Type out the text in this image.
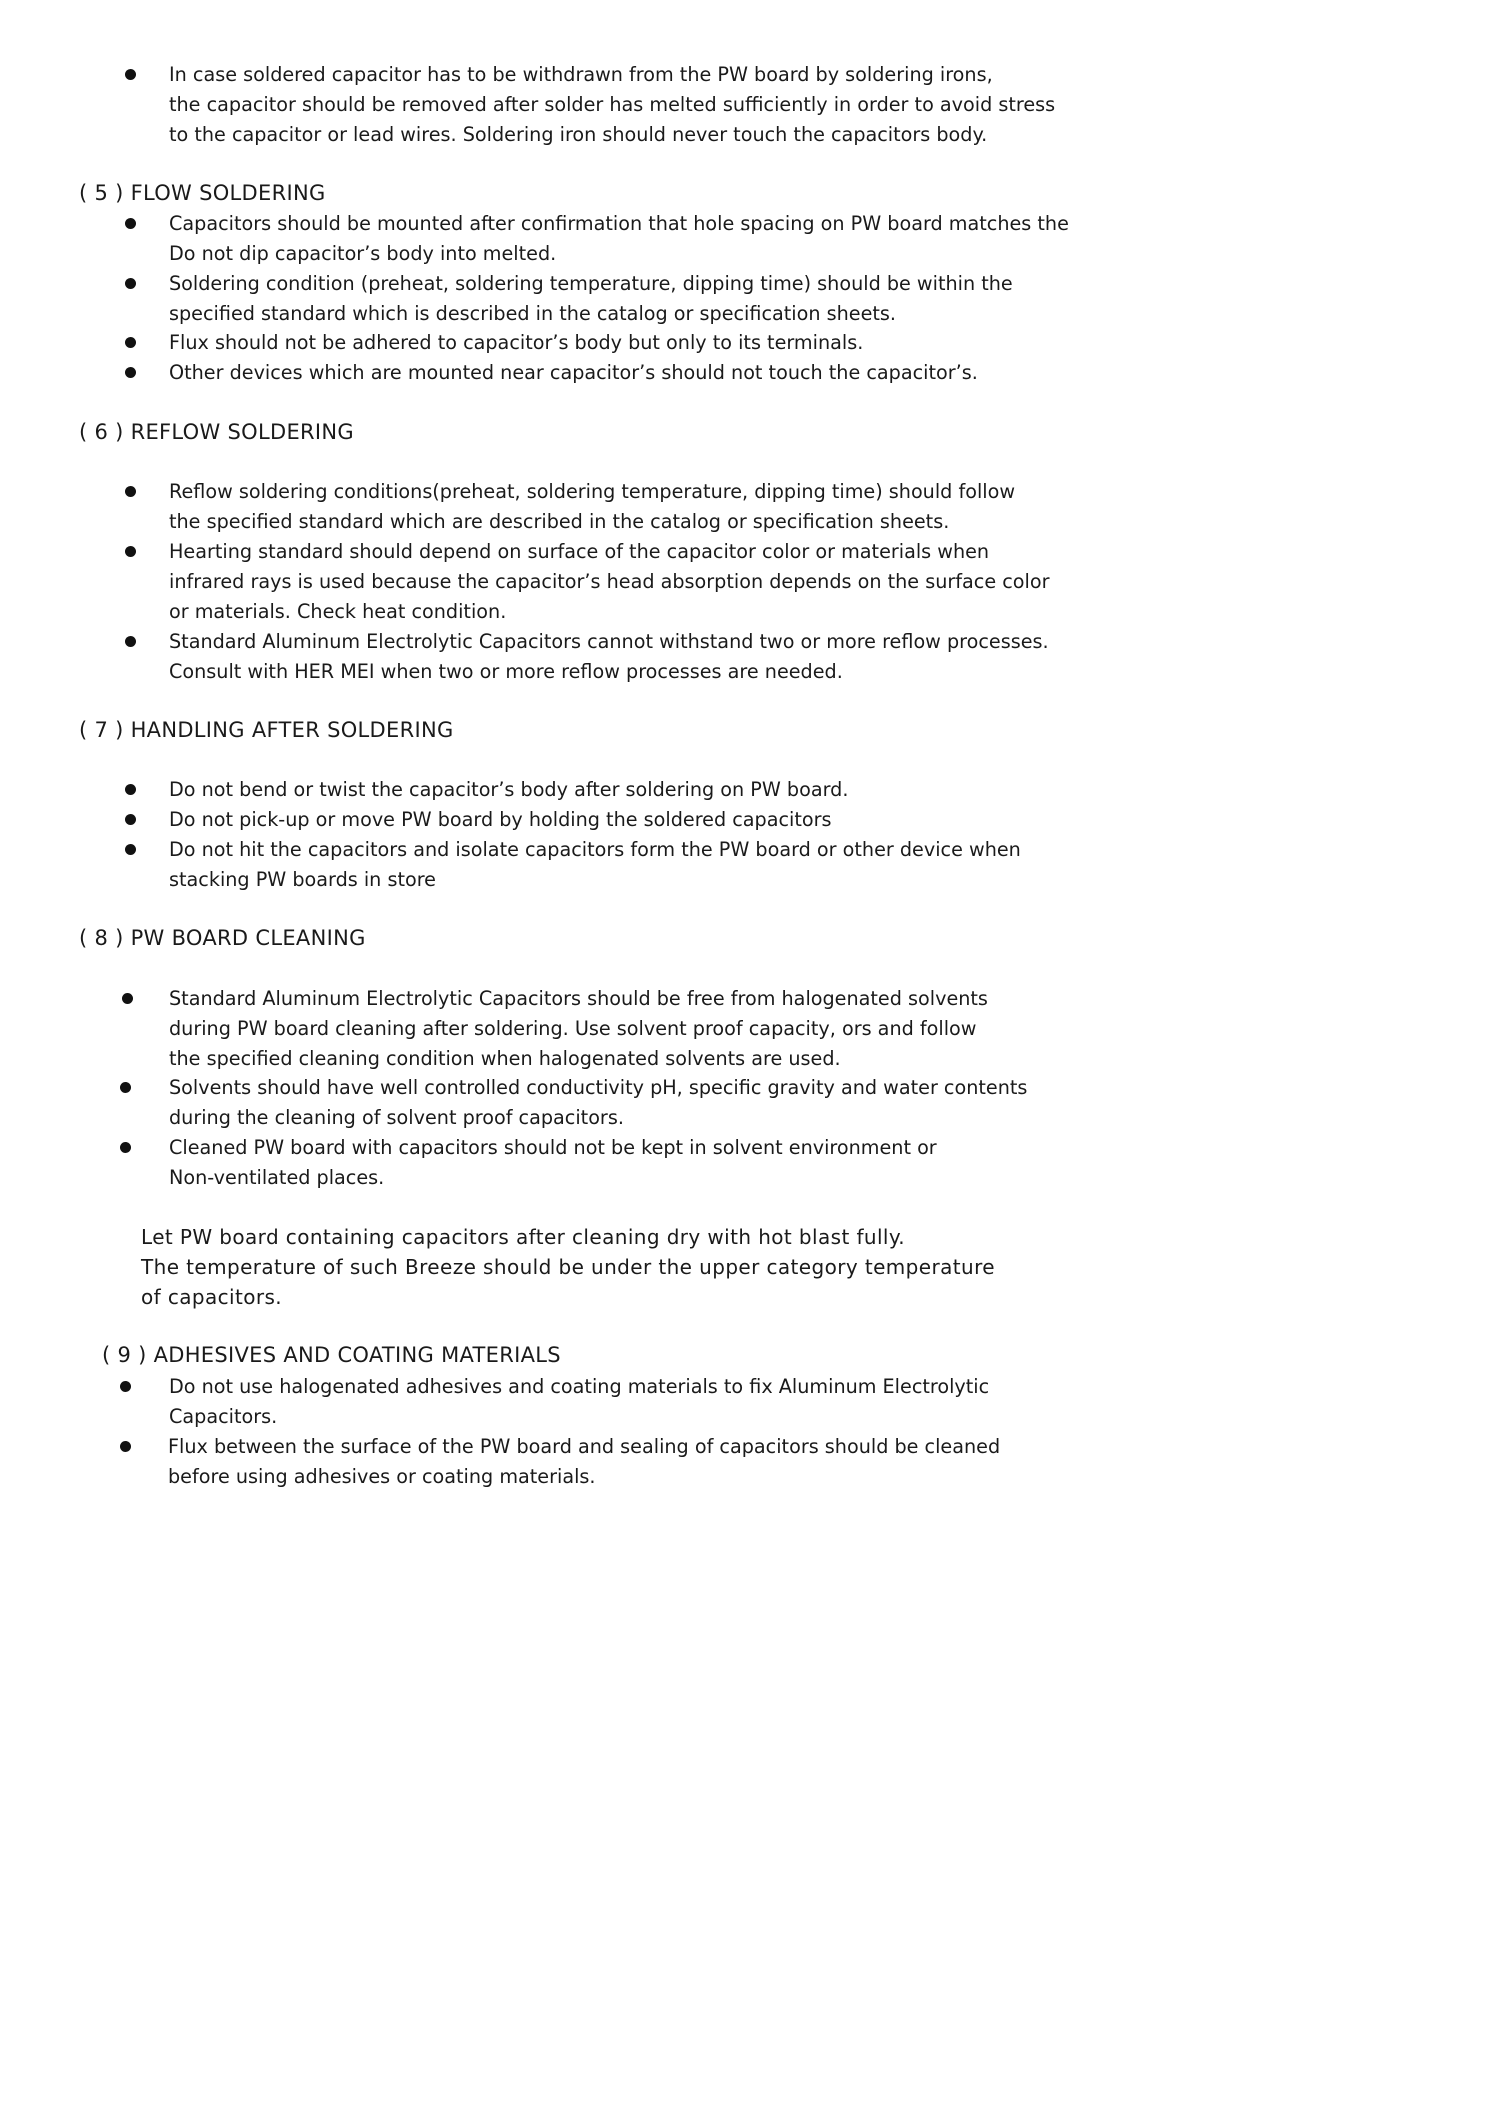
In case soldered capacitor has to be withdrawn from the PW board by soldering irons,
the capacitor should be removed after solder has melted sufficiently in order to avoid stress
to the capacitor or lead wires. Soldering iron should never touch the capacitors body.
( 5 ) FLOW SOLDERING
Capacitors should be mounted after confirmation that hole spacing on PW board matches the
Do not dip capacitor’s body into melted.
Soldering condition (preheat, soldering temperature, dipping time) should be within the
specified standard which is described in the catalog or specification sheets.
Flux should not be adhered to capacitor’s body but only to its terminals.
Other devices which are mounted near capacitor’s should not touch the capacitor’s.
( 6 ) REFLOW SOLDERING
Reflow soldering conditions(preheat, soldering temperature, dipping time) should follow
the specified standard which are described in the catalog or specification sheets.
Hearting standard should depend on surface of the capacitor color or materials when
infrared rays is used because the capacitor’s head absorption depends on the surface color
or materials. Check heat condition.
Standard Aluminum Electrolytic Capacitors cannot withstand two or more reflow processes.
Consult with HER MEI when two or more reflow processes are needed.
( 7 ) HANDLING AFTER SOLDERING
Do not bend or twist the capacitor’s body after soldering on PW board.
Do not pick-up or move PW board by holding the soldered capacitors
Do not hit the capacitors and isolate capacitors form the PW board or other device when
stacking PW boards in store
( 8 ) PW BOARD CLEANING
Standard Aluminum Electrolytic Capacitors should be free from halogenated solvents
during PW board cleaning after soldering. Use solvent proof capacity, ors and follow
the specified cleaning condition when halogenated solvents are used.
Solvents should have well controlled conductivity pH, specific gravity and water contents
during the cleaning of solvent proof capacitors.
Cleaned PW board with capacitors should not be kept in solvent environment or
Non-ventilated places.
Let PW board containing capacitors after cleaning dry with hot blast fully.
The temperature of such Breeze should be under the upper category temperature
of capacitors.
( 9 ) ADHESIVES AND COATING MATERIALS
Do not use halogenated adhesives and coating materials to fix Aluminum Electrolytic
Capacitors.
Flux between the surface of the PW board and sealing of capacitors should be cleaned
before using adhesives or coating materials.
